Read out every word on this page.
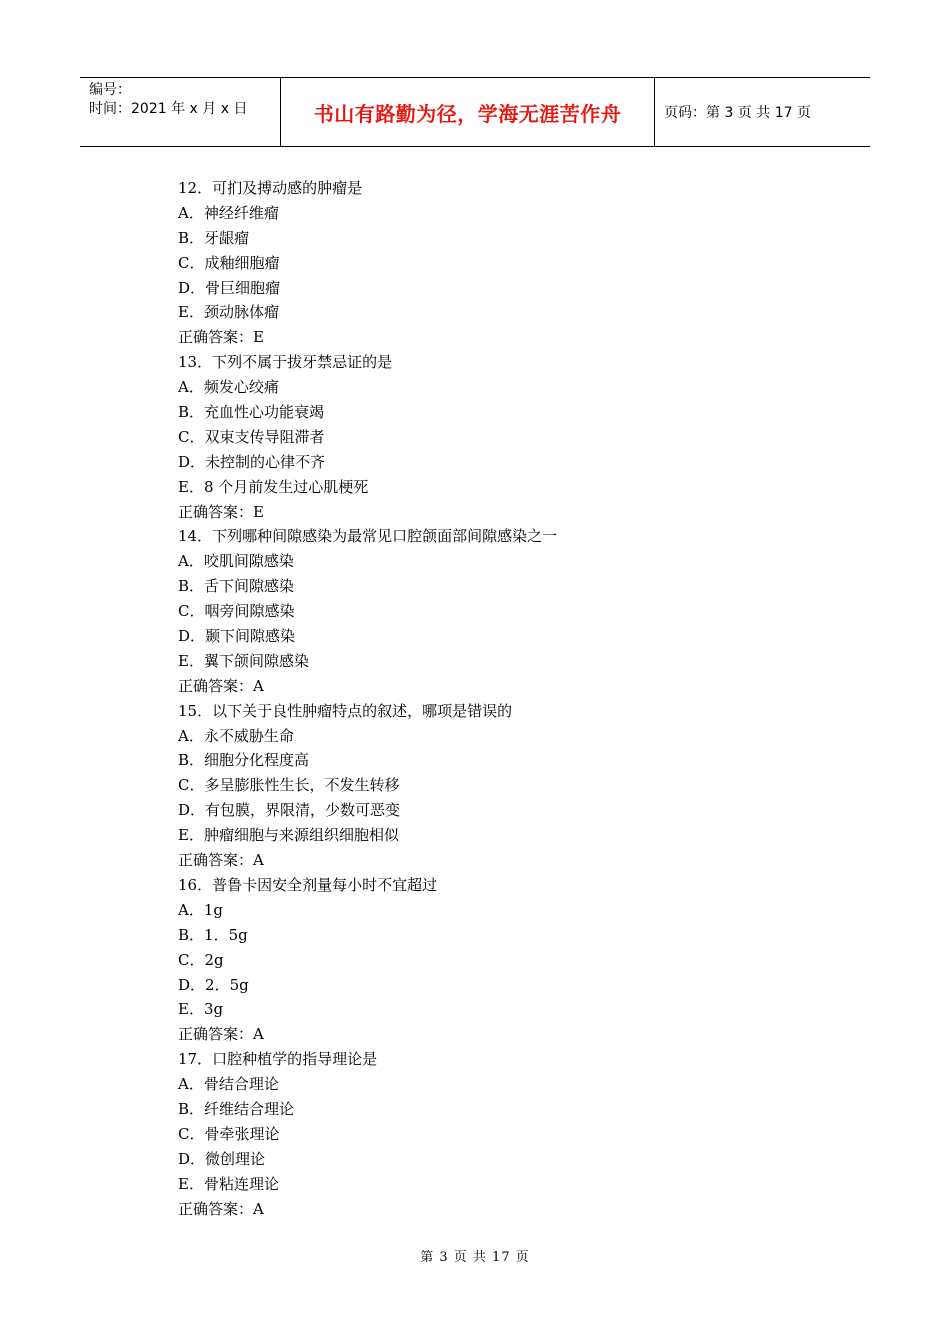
编号：
时间：2021 年 x 月 x 日	书山有路勤为径，学海无涯苦作舟	页码：第 3 页 共 17 页
12．可扪及搏动感的肿瘤是
A．神经纤维瘤
B．牙龈瘤
C．成釉细胞瘤
D．骨巨细胞瘤
E．颈动脉体瘤
正确答案：E
13．下列不属于拔牙禁忌证的是
A．频发心绞痛
B．充血性心功能衰竭
C．双束支传导阻滞者
D．未控制的心律不齐
E．8 个月前发生过心肌梗死
正确答案：E
14．下列哪种间隙感染为最常见口腔颌面部间隙感染之一
A．咬肌间隙感染
B．舌下间隙感染
C．咽旁间隙感染
D．颞下间隙感染
E．翼下颌间隙感染
正确答案：A
15．以下关于良性肿瘤特点的叙述，哪项是错误的
A．永不威胁生命
B．细胞分化程度高
C．多呈膨胀性生长，不发生转移
D．有包膜，界限清，少数可恶变
E．肿瘤细胞与来源组织细胞相似
正确答案：A
16．普鲁卡因安全剂量每小时不宜超过
A．1g
B．1．5g
C．2g
D．2．5g
E．3g
正确答案：A
17．口腔种植学的指导理论是
A．骨结合理论
B．纤维结合理论
C．骨牵张理论
D．微创理论
E．骨粘连理论
正确答案：A
第 3 页 共 17 页
